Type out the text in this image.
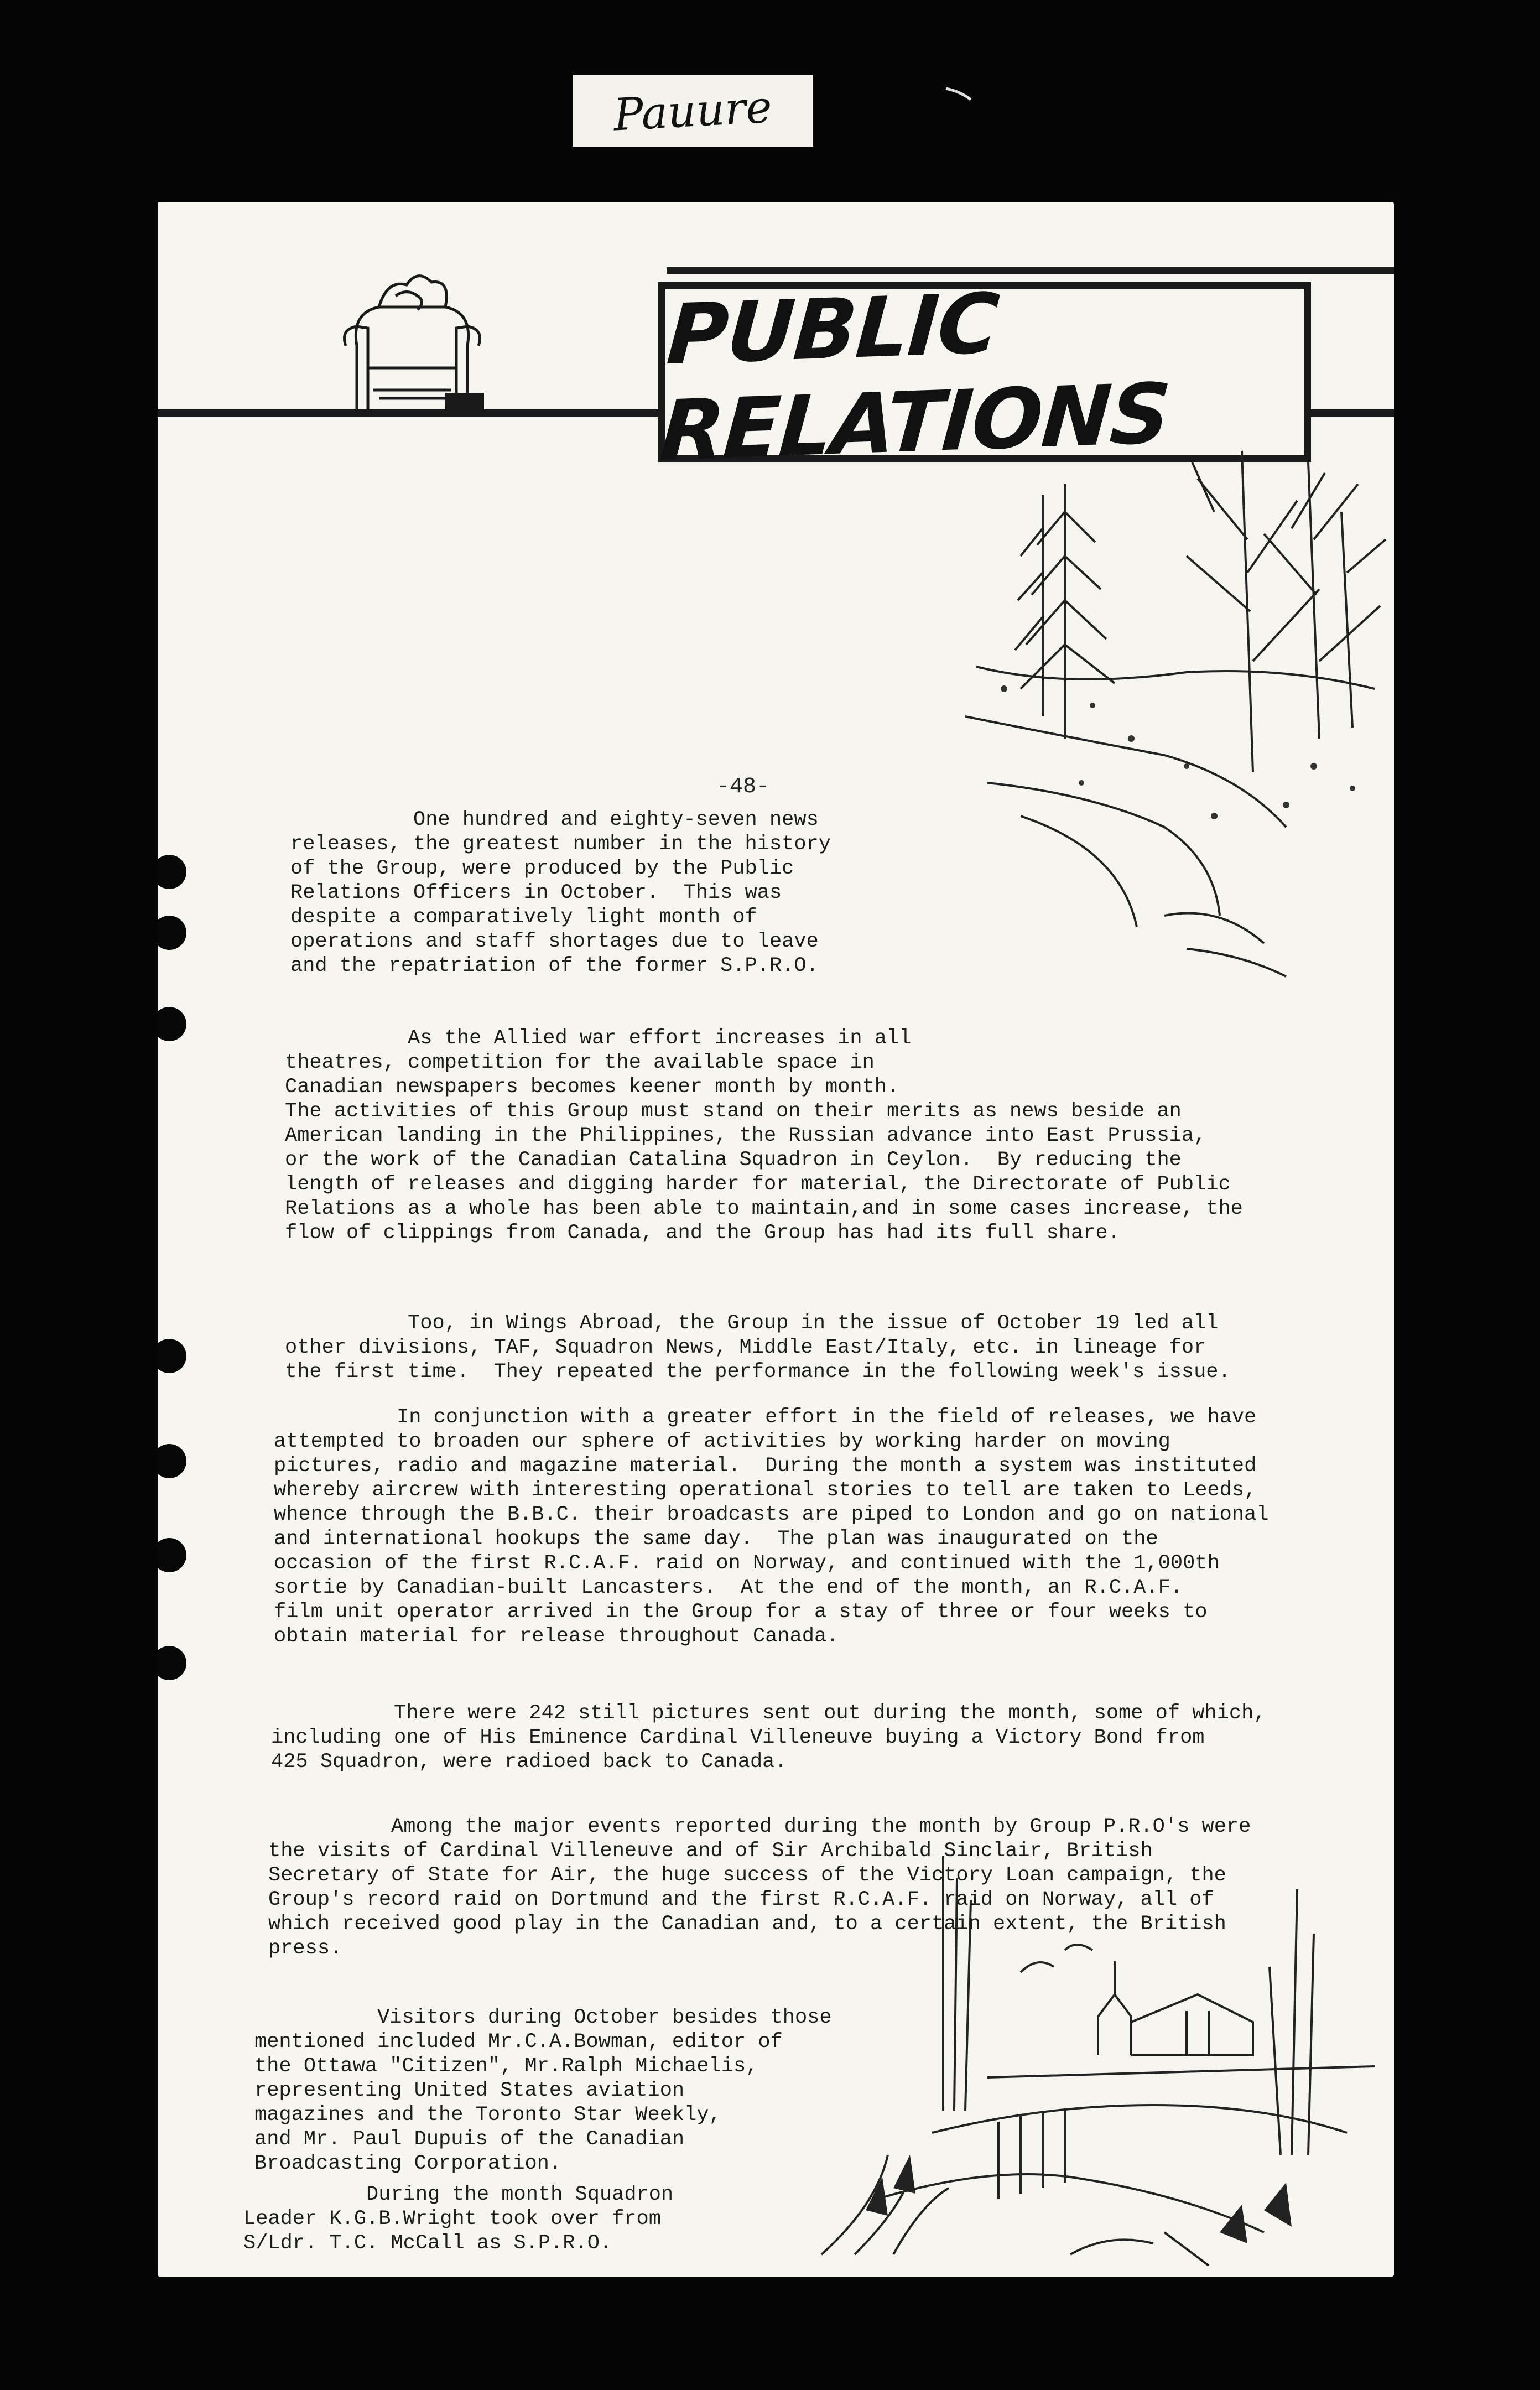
Pauure
PUBLIC RELATIONS
-48-

One hundred and eighty-seven news
releases, the greatest number in the history
of the Group, were produced by the Public
Relations Officers in October.  This was
despite a comparatively light month of
operations and staff shortages due to leave
and the repatriation of the former S.P.R.O.

As the Allied war effort increases in all
theatres, competition for the available space in
Canadian newspapers becomes keener month by month.
The activities of this Group must stand on their merits as news beside an
American landing in the Philippines, the Russian advance into East Prussia,
or the work of the Canadian Catalina Squadron in Ceylon.  By reducing the
length of releases and digging harder for material, the Directorate of Public
Relations as a whole has been able to maintain,and in some cases increase, the
flow of clippings from Canada, and the Group has had its full share.

Too, in Wings Abroad, the Group in the issue of October 19 led all
other divisions, TAF, Squadron News, Middle East/Italy, etc. in lineage for
the first time.  They repeated the performance in the following week's issue.

In conjunction with a greater effort in the field of releases, we have
attempted to broaden our sphere of activities by working harder on moving
pictures, radio and magazine material.  During the month a system was instituted
whereby aircrew with interesting operational stories to tell are taken to Leeds,
whence through the B.B.C. their broadcasts are piped to London and go on national
and international hookups the same day.  The plan was inaugurated on the
occasion of the first R.C.A.F. raid on Norway, and continued with the 1,000th
sortie by Canadian-built Lancasters.  At the end of the month, an R.C.A.F.
film unit operator arrived in the Group for a stay of three or four weeks to
obtain material for release throughout Canada.

There were 242 still pictures sent out during the month, some of which,
including one of His Eminence Cardinal Villeneuve buying a Victory Bond from
425 Squadron, were radioed back to Canada.

Among the major events reported during the month by Group P.R.O's were
the visits of Cardinal Villeneuve and of Sir Archibald Sinclair, British
Secretary of State for Air, the huge success of the Victory Loan campaign, the
Group's record raid on Dortmund and the first R.C.A.F. raid on Norway, all of
which received good play in the Canadian and, to a certain extent, the British
press.

Visitors during October besides those
mentioned included Mr.C.A.Bowman, editor of
the Ottawa "Citizen", Mr.Ralph Michaelis,
representing United States aviation
magazines and the Toronto Star Weekly,
and Mr. Paul Dupuis of the Canadian
Broadcasting Corporation.

During the month Squadron
Leader K.G.B.Wright took over from
S/Ldr. T.C. McCall as S.P.R.O.
